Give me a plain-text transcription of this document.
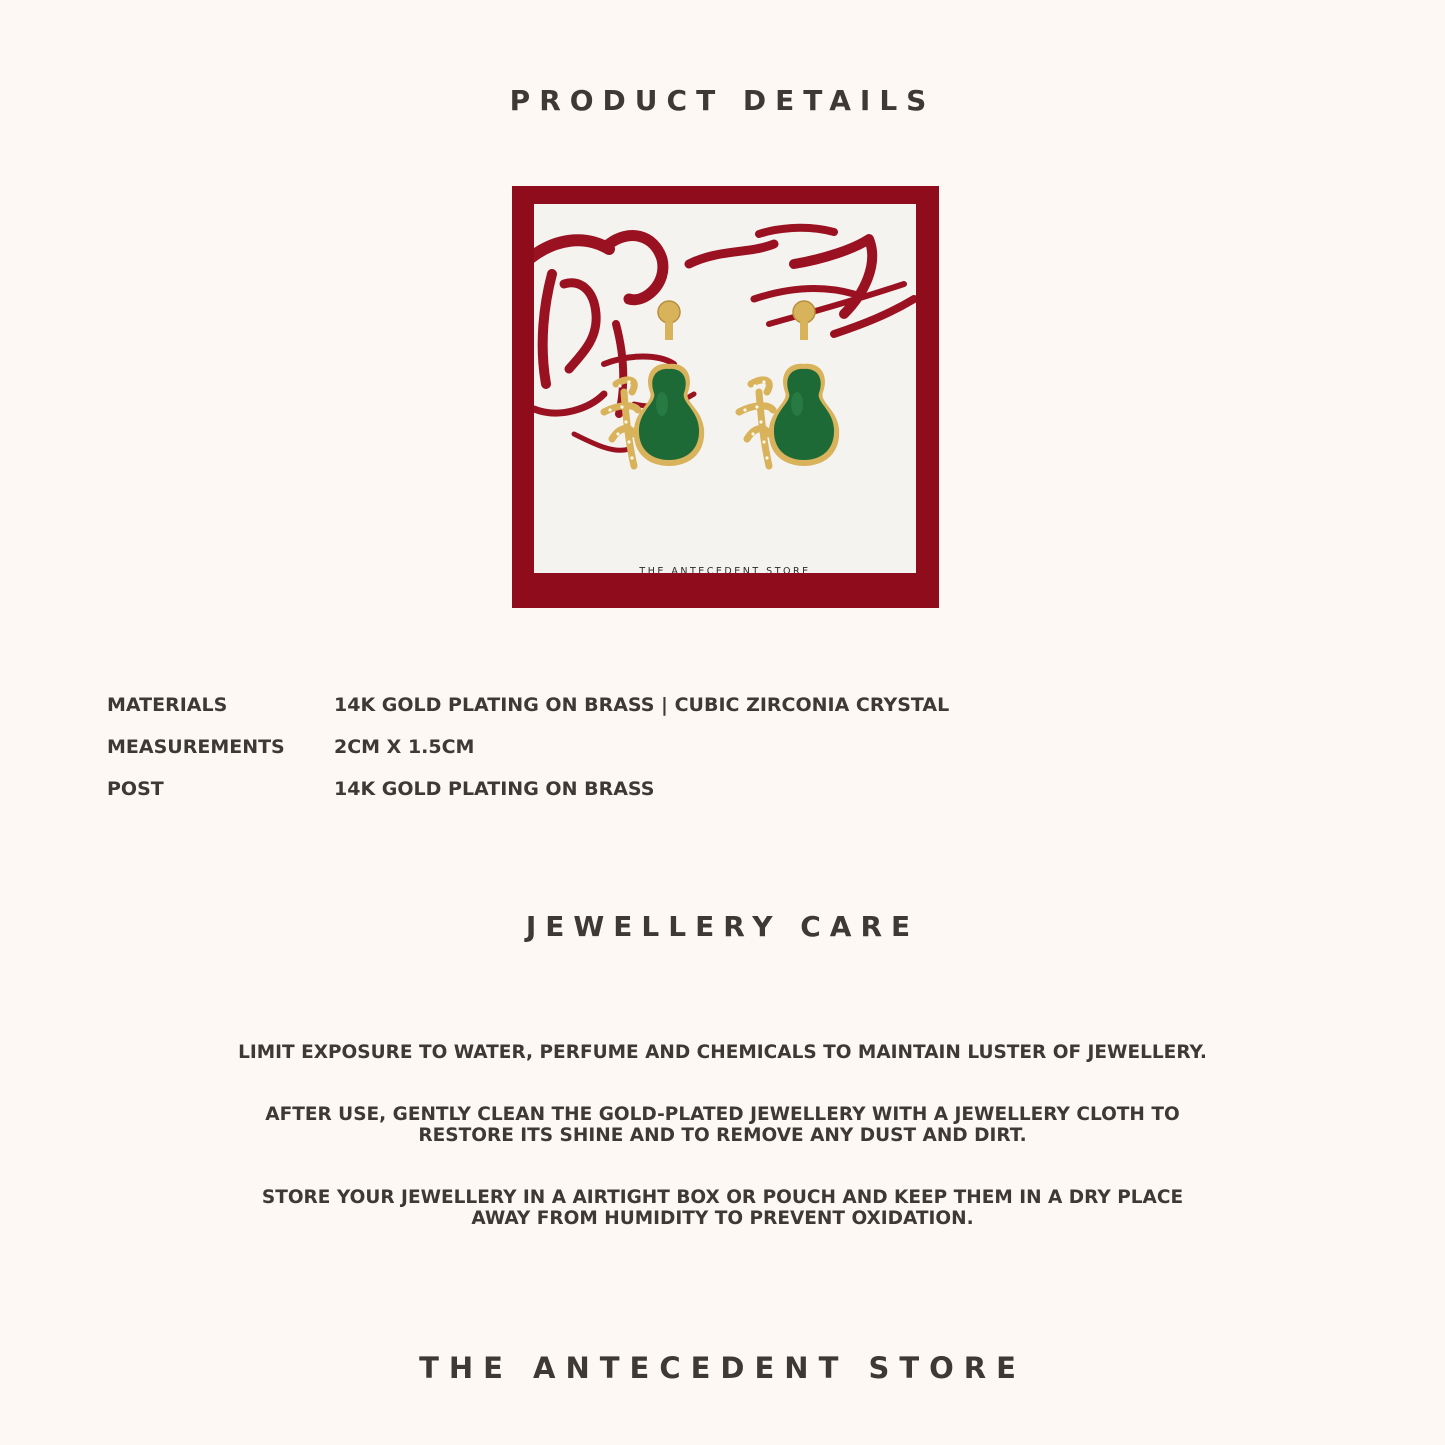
PRODUCT DETAILS
THE ANTECEDENT STORE
MATERIALS	14K GOLD PLATING ON BRASS | CUBIC ZIRCONIA CRYSTAL
MEASUREMENTS	2CM X 1.5CM
POST	14K GOLD PLATING ON BRASS
JEWELLERY CARE
LIMIT EXPOSURE TO WATER, PERFUME AND CHEMICALS TO MAINTAIN LUSTER OF JEWELLERY.
AFTER USE, GENTLY CLEAN THE GOLD-PLATED JEWELLERY WITH A JEWELLERY CLOTH TO
RESTORE ITS SHINE AND TO REMOVE ANY DUST AND DIRT.
STORE YOUR JEWELLERY IN A AIRTIGHT BOX OR POUCH AND KEEP THEM IN A DRY PLACE
AWAY FROM HUMIDITY TO PREVENT OXIDATION.
THE ANTECEDENT STORE
